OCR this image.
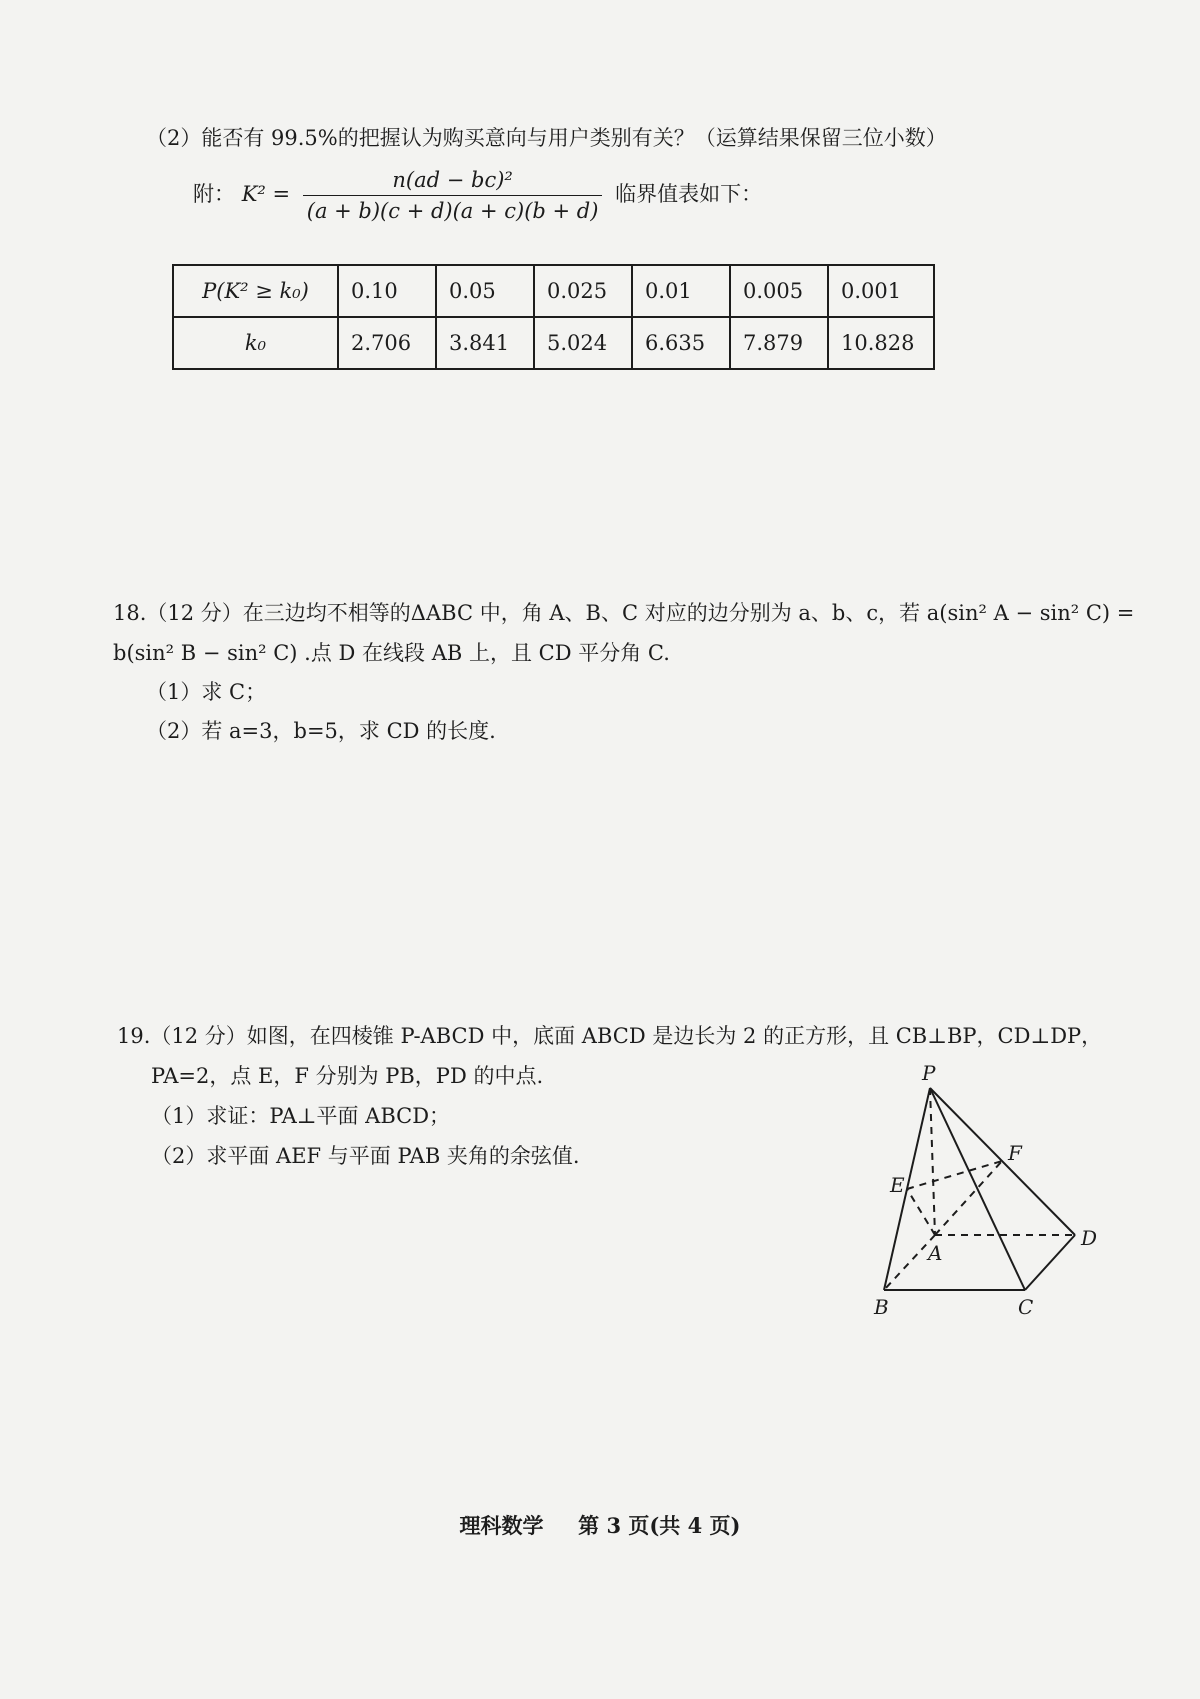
（2）能否有 99.5%的把握认为购买意向与用户类别有关？（运算结果保留三位小数）
附： $K^2 = \frac{\text{n(ad − bc)²}}{(a + b)(c + d)(a + c)(b + d)}$ 临界值表如下：
P(K² ≥ k₀)	0.10	0.05	0.025	0.01	0.005	0.001
k₀	2.706	3.841	5.024	6.635	7.879	10.828
18.（12 分）在三边均不相等的ΔABC 中，角 A、B、C 对应的边分别为 a、b、c，若 a(sin² A − sin² C) =
b(sin² B − sin² C) .点 D 在线段 AB 上，且 CD 平分角 C.
（1）求 C；
（2）若 a=3，b=5，求 CD 的长度.
19.（12 分）如图，在四棱锥 P-ABCD 中，底面 ABCD 是边长为 2 的正方形，且 CB⊥BP，CD⊥DP，
PA=2，点 E，F 分别为 PB，PD 的中点.
（1）求证：PA⊥平面 ABCD；
（2）求平面 AEF 与平面 PAB 夹角的余弦值.
P
F
E
A
D
B	C
理科数学 第 3 页(共 4 页)
